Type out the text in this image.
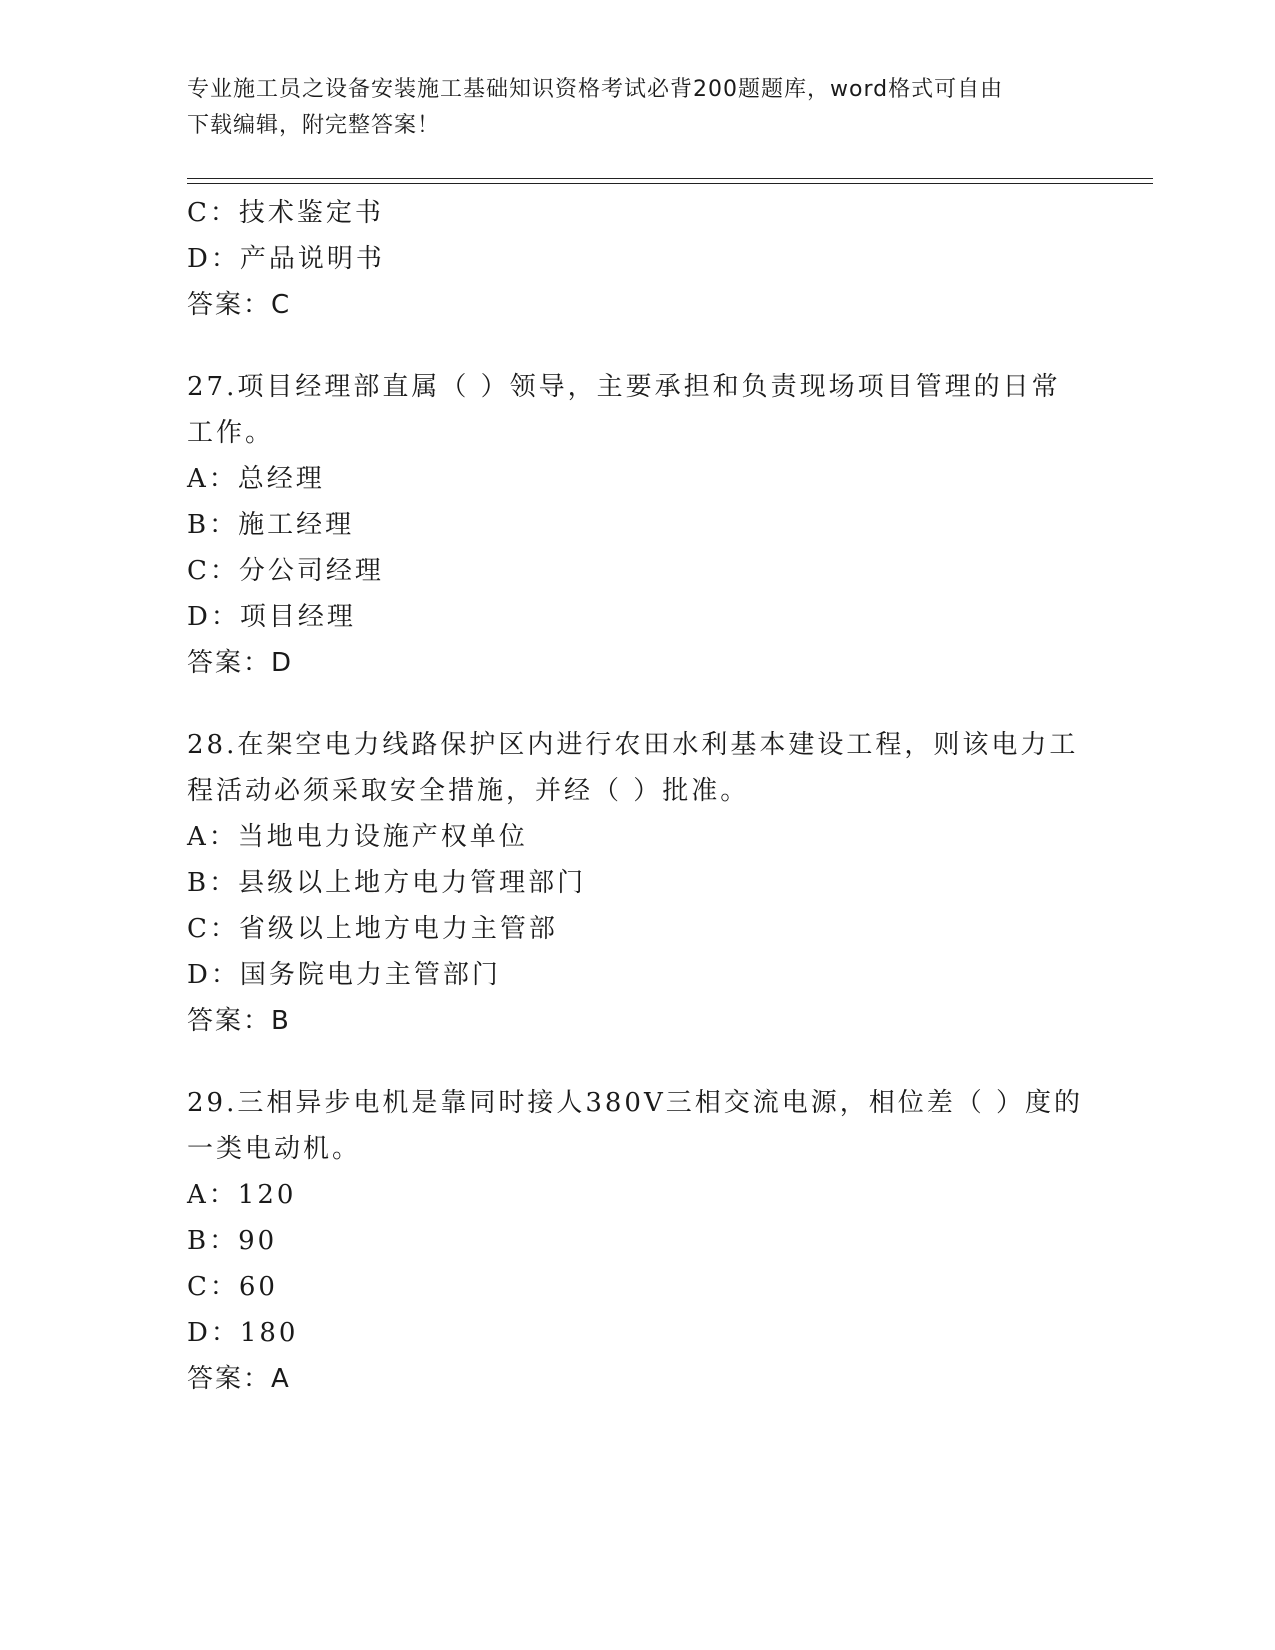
专业施工员之设备安装施工基础知识资格考试必背200题题库，word格式可自由
下载编辑，附完整答案！
C：技术鉴定书
D：产品说明书
答案：C
27.项目经理部直属（ ）领导，主要承担和负责现场项目管理的日常
工作。
A：总经理
B：施工经理
C：分公司经理
D：项目经理
答案：D
28.在架空电力线路保护区内进行农田水利基本建设工程，则该电力工
程活动必须采取安全措施，并经（ ）批准。
A：当地电力设施产权单位
B：县级以上地方电力管理部门
C：省级以上地方电力主管部
D：国务院电力主管部门
答案：B
29.三相异步电机是靠同时接人380V三相交流电源，相位差（ ）度的
一类电动机。
A：120
B：90
C：60
D：180
答案：A
